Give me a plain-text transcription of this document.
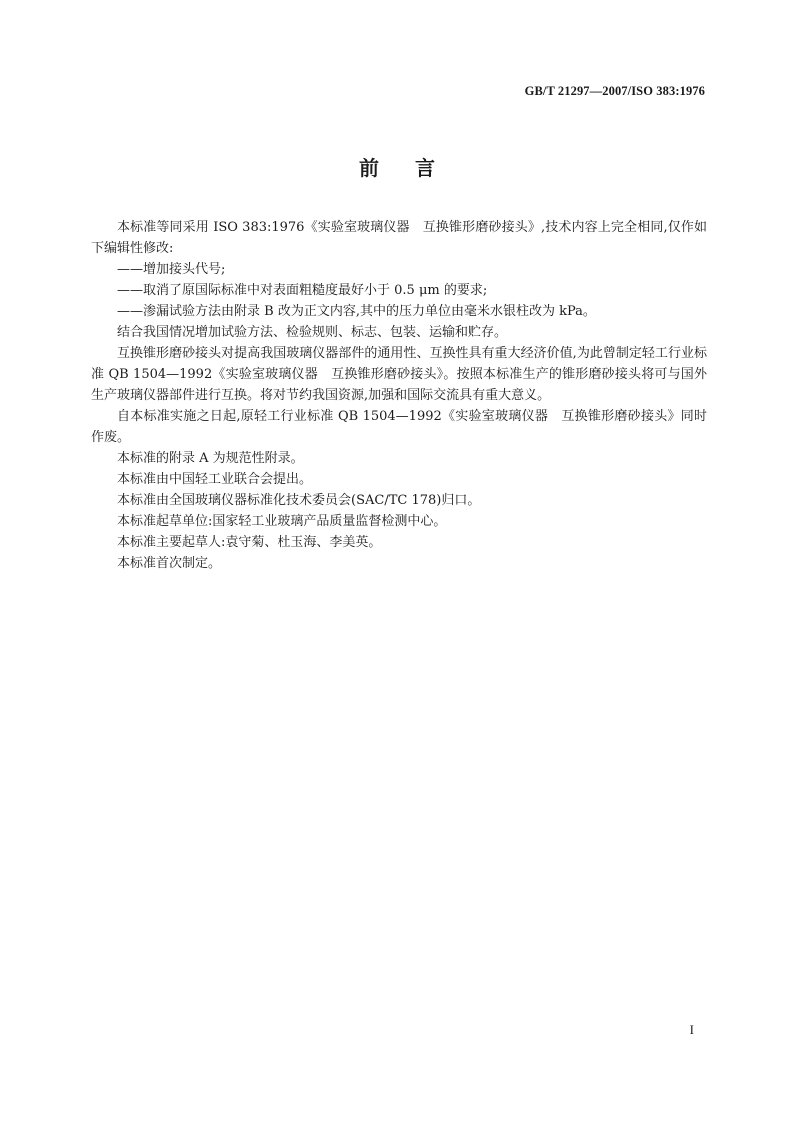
GB/T 21297—2007/ISO 383:1976
前言

本标准等同采用 ISO 383:1976《实验室玻璃仪器　互换锥形磨砂接头》,技术内容上完全相同,仅作如下编辑性修改:

——增加接头代号;

——取消了原国际标准中对表面粗糙度最好小于 0.5 μm 的要求;

——渗漏试验方法由附录 B 改为正文内容,其中的压力单位由毫米水银柱改为 kPa。

结合我国情况增加试验方法、检验规则、标志、包装、运输和贮存。

互换锥形磨砂接头对提高我国玻璃仪器部件的通用性、互换性具有重大经济价值,为此曾制定轻工行业标准 QB 1504—1992《实验室玻璃仪器　互换锥形磨砂接头》。按照本标准生产的锥形磨砂接头将可与国外生产玻璃仪器部件进行互换。将对节约我国资源,加强和国际交流具有重大意义。

自本标准实施之日起,原轻工行业标准 QB 1504—1992《实验室玻璃仪器　互换锥形磨砂接头》同时作废。

本标准的附录 A 为规范性附录。

本标准由中国轻工业联合会提出。

本标准由全国玻璃仪器标准化技术委员会(SAC/TC 178)归口。

本标准起草单位:国家轻工业玻璃产品质量监督检测中心。

本标准主要起草人:袁守菊、杜玉海、李美英。

本标准首次制定。

I
